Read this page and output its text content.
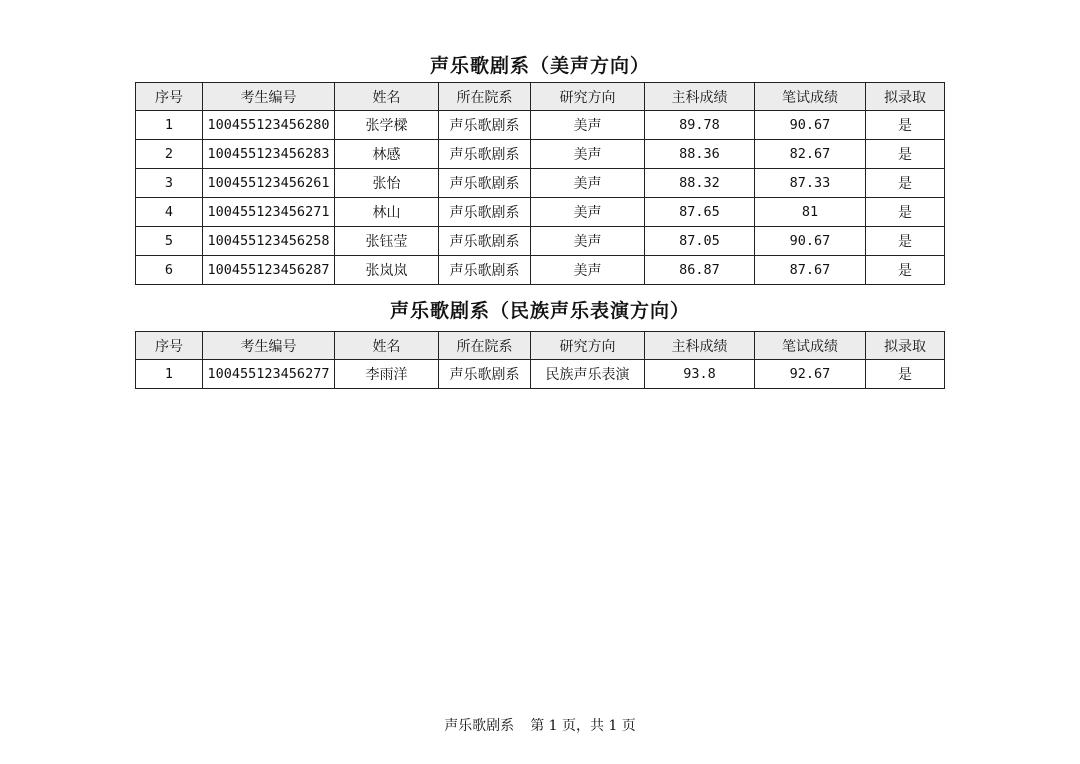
声乐歌剧系（美声方向）
序号	考生编号	姓名	所在院系	研究方向	主科成绩	笔试成绩	拟录取
1	100455123456280	张学樑	声乐歌剧系	美声	89.78	90.67	是
2	100455123456283	林感	声乐歌剧系	美声	88.36	82.67	是
3	100455123456261	张怡	声乐歌剧系	美声	88.32	87.33	是
4	100455123456271	林山	声乐歌剧系	美声	87.65	81	是
5	100455123456258	张钰莹	声乐歌剧系	美声	87.05	90.67	是
6	100455123456287	张岚岚	声乐歌剧系	美声	86.87	87.67	是
声乐歌剧系（民族声乐表演方向）
序号	考生编号	姓名	所在院系	研究方向	主科成绩	笔试成绩	拟录取
1	100455123456277	李雨洋	声乐歌剧系	民族声乐表演	93.8	92.67	是
声乐歌剧系 第 1 页，共 1 页
